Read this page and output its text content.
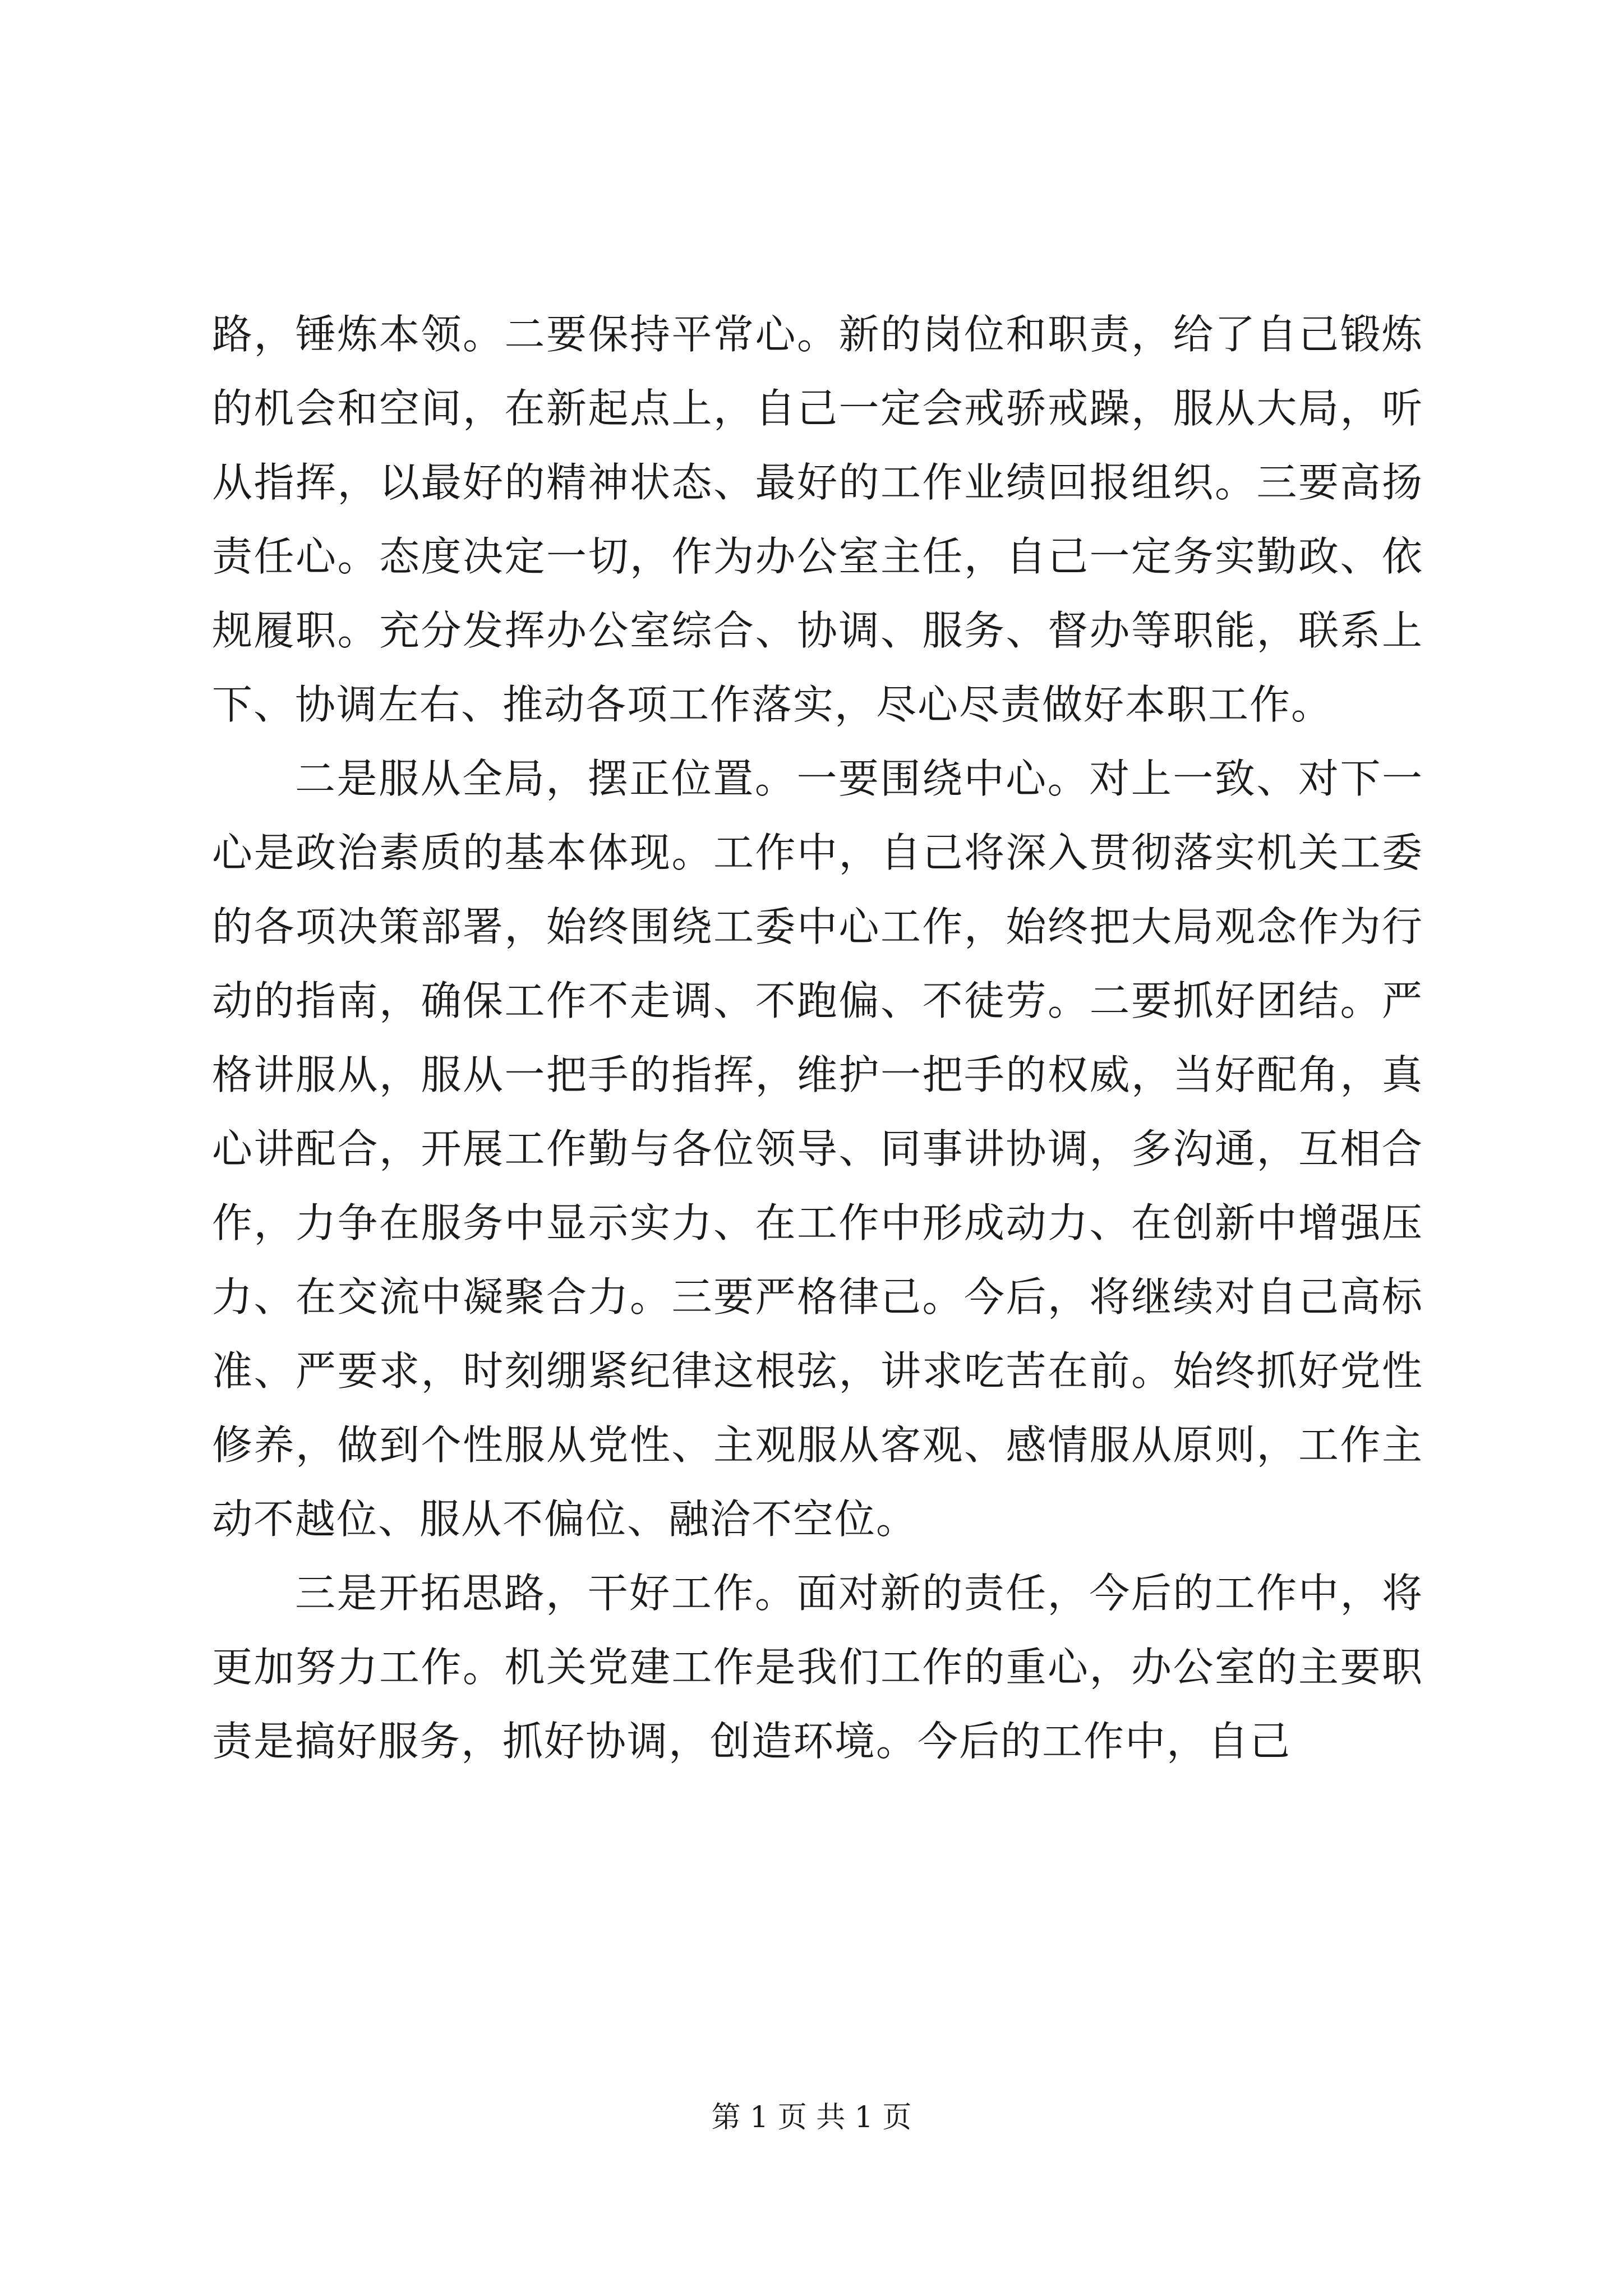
路，锤炼本领。二要保持平常心。新的岗位和职责，给了自己锻炼的机会和空间，在新起点上，自己一定会戒骄戒躁，服从大局，听从指挥，以最好的精神状态、最好的工作业绩回报组织。三要高扬责任心。态度决定一切，作为办公室主任，自己一定务实勤政、依规履职。充分发挥办公室综合、协调、服务、督办等职能，联系上下、协调左右、推动各项工作落实，尽心尽责做好本职工作。

二是服从全局，摆正位置。一要围绕中心。对上一致、对下一心是政治素质的基本体现。工作中，自己将深入贯彻落实机关工委的各项决策部署，始终围绕工委中心工作，始终把大局观念作为行动的指南，确保工作不走调、不跑偏、不徒劳。二要抓好团结。严格讲服从，服从一把手的指挥，维护一把手的权威，当好配角，真心讲配合，开展工作勤与各位领导、同事讲协调，多沟通，互相合作，力争在服务中显示实力、在工作中形成动力、在创新中增强压力、在交流中凝聚合力。三要严格律己。今后，将继续对自己高标准、严要求，时刻绷紧纪律这根弦，讲求吃苦在前。始终抓好党性修养，做到个性服从党性、主观服从客观、感情服从原则，工作主动不越位、服从不偏位、融洽不空位。

三是开拓思路，干好工作。面对新的责任，今后的工作中，将更加努力工作。机关党建工作是我们工作的重心，办公室的主要职责是搞好服务，抓好协调，创造环境。今后的工作中，自己

第 1 页 共 1 页
